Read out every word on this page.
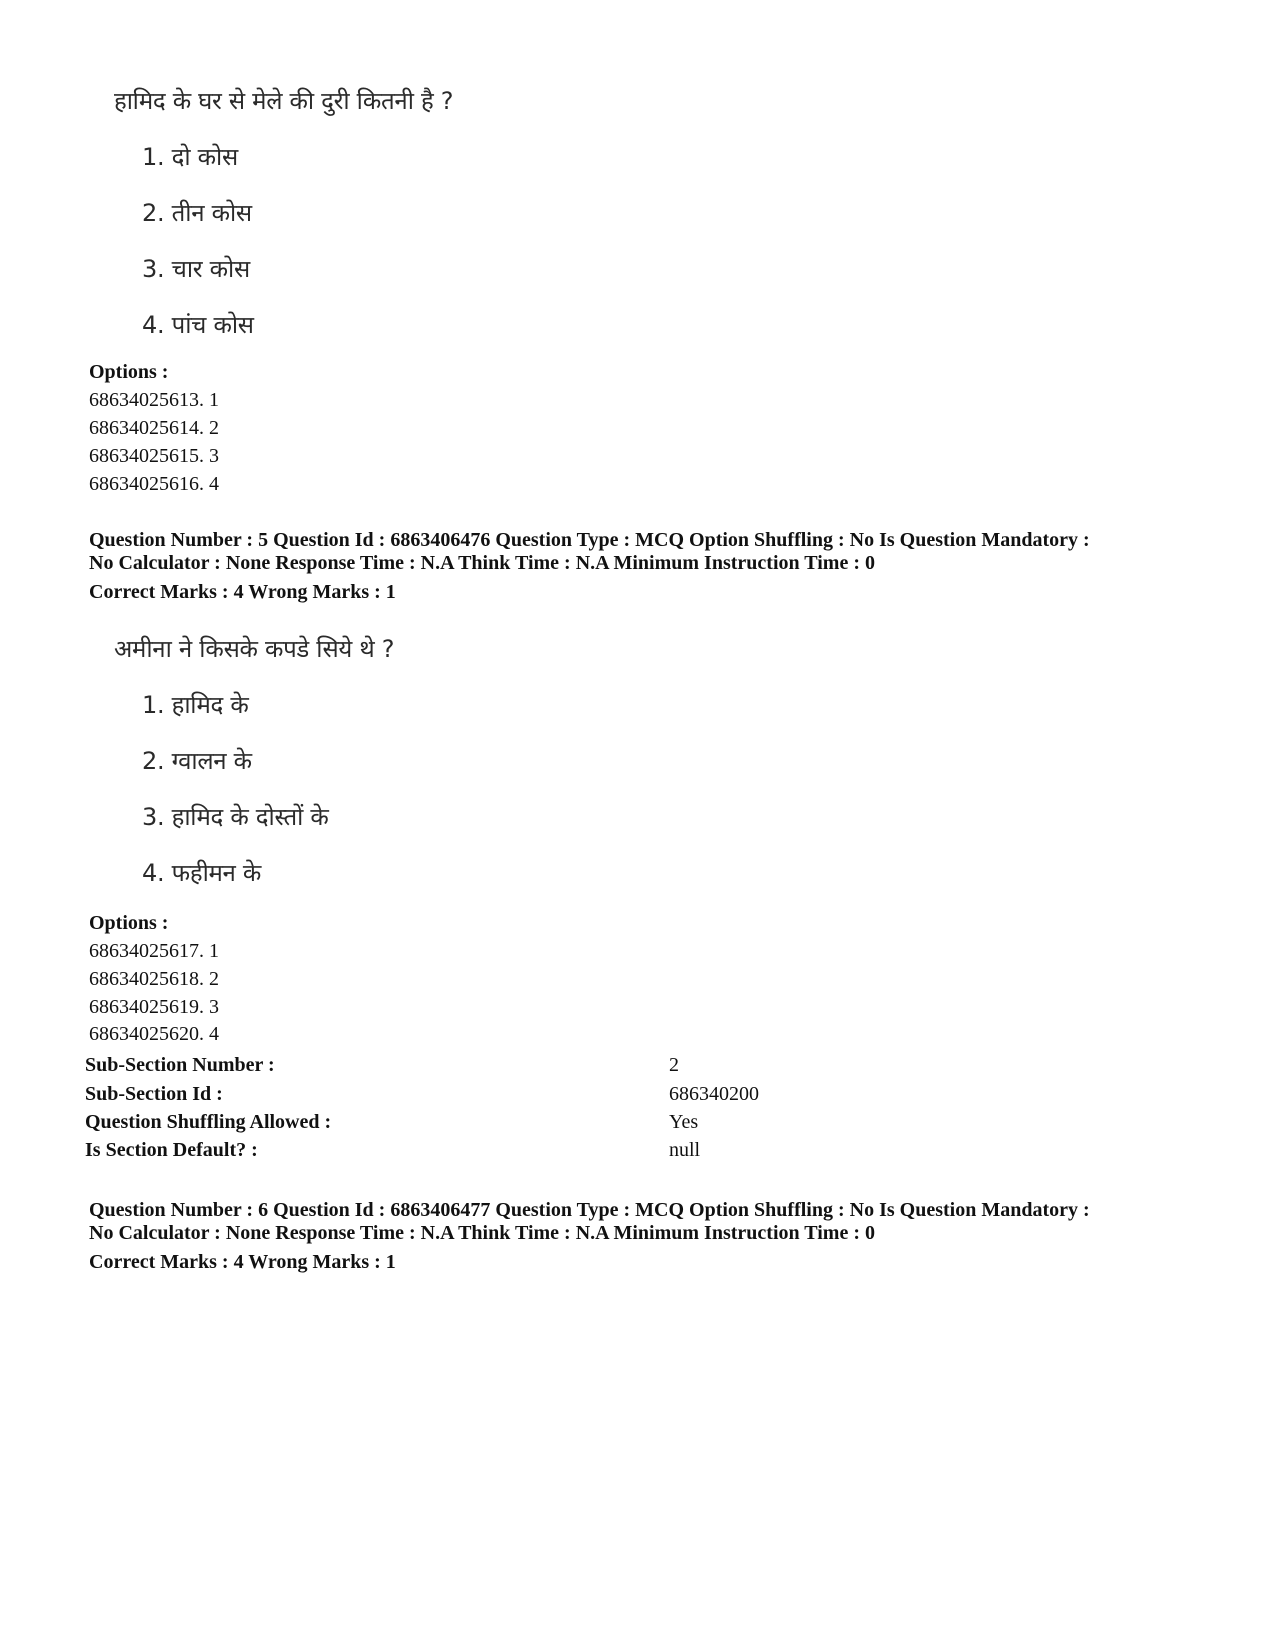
हामिद के घर से मेले की दुरी कितनी है ?
1. दो कोस
2. तीन कोस
3. चार कोस
4. पांच कोस
Options :
68634025613. 1
68634025614. 2
68634025615. 3
68634025616. 4
Question Number : 5 Question Id : 6863406476 Question Type : MCQ Option Shuffling : No Is Question Mandatory :
No Calculator : None Response Time : N.A Think Time : N.A Minimum Instruction Time : 0
Correct Marks : 4 Wrong Marks : 1
अमीना ने किसके कपडे सिये थे ?
1. हामिद के
2. ग्वालन के
3. हामिद के दोस्तों के
4. फहीमन के
Options :
68634025617. 1
68634025618. 2
68634025619. 3
68634025620. 4
Sub-Section Number :	2
Sub-Section Id :	686340200
Question Shuffling Allowed :	Yes
Is Section Default? :	null
Question Number : 6 Question Id : 6863406477 Question Type : MCQ Option Shuffling : No Is Question Mandatory :
No Calculator : None Response Time : N.A Think Time : N.A Minimum Instruction Time : 0
Correct Marks : 4 Wrong Marks : 1
